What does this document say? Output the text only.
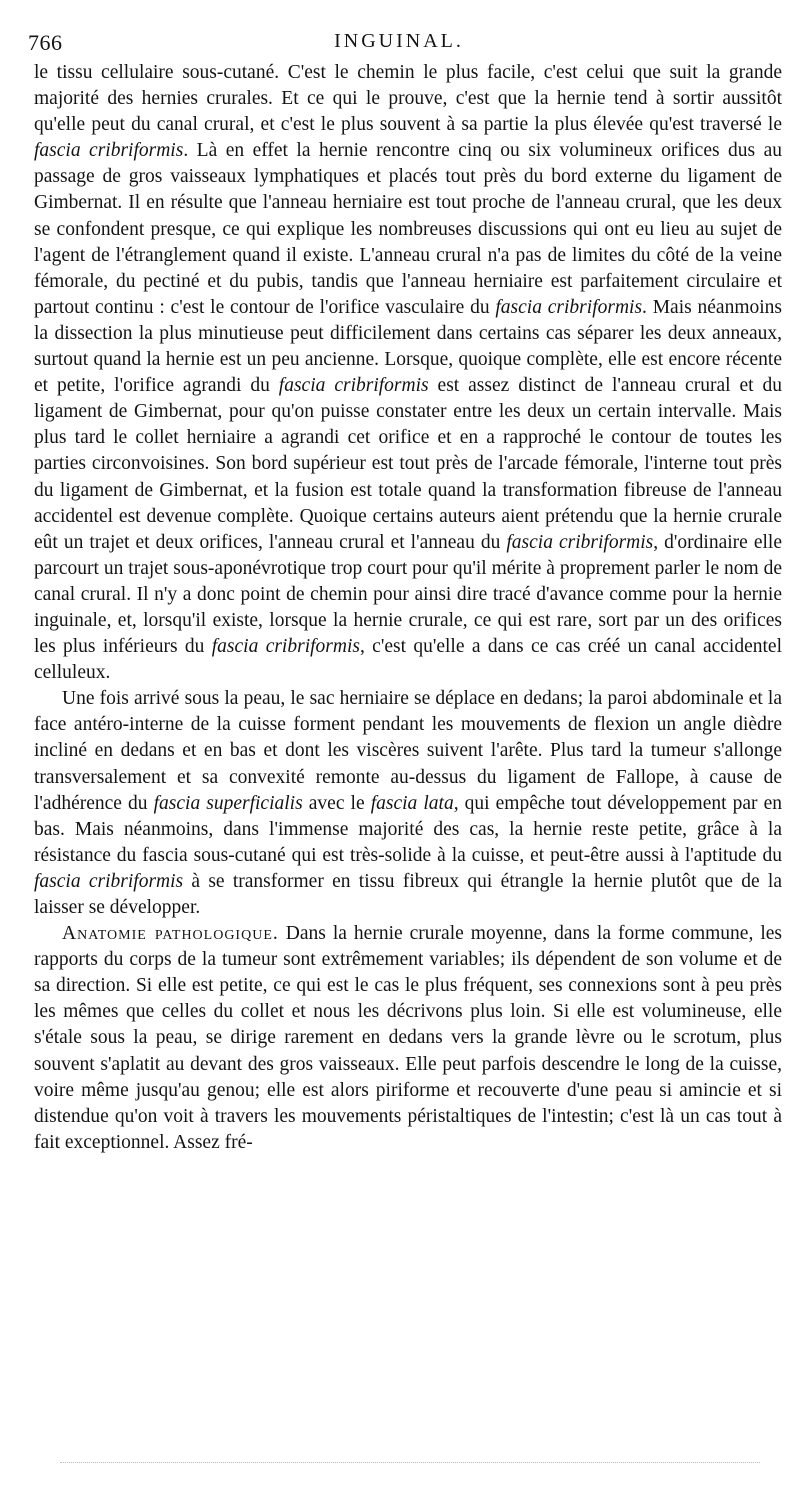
766	INGUINAL.

le tissu cellulaire sous-cutané. C'est le chemin le plus facile, c'est celui que suit la grande majorité des hernies crurales. Et ce qui le prouve, c'est que la hernie tend à sortir aussitôt qu'elle peut du canal crural, et c'est le plus souvent à sa partie la plus élevée qu'est traversé le fascia cribriformis. Là en effet la hernie rencontre cinq ou six volumineux orifices dus au passage de gros vaisseaux lymphatiques et placés tout près du bord externe du ligament de Gimbernat. Il en résulte que l'anneau herniaire est tout proche de l'anneau crural, que les deux se confondent presque, ce qui explique les nombreuses discussions qui ont eu lieu au sujet de l'agent de l'étranglement quand il existe. L'anneau crural n'a pas de limites du côté de la veine fémorale, du pectiné et du pubis, tandis que l'anneau herniaire est parfaitement circulaire et partout continu : c'est le contour de l'orifice vasculaire du fascia cribriformis. Mais néanmoins la dissection la plus minutieuse peut difficilement dans certains cas séparer les deux anneaux, surtout quand la hernie est un peu ancienne. Lorsque, quoique complète, elle est encore récente et petite, l'orifice agrandi du fascia cribriformis est assez distinct de l'anneau crural et du ligament de Gimbernat, pour qu'on puisse constater entre les deux un certain intervalle. Mais plus tard le collet herniaire a agrandi cet orifice et en a rapproché le contour de toutes les parties circonvoisines. Son bord supérieur est tout près de l'arcade fémorale, l'interne tout près du ligament de Gimbernat, et la fusion est totale quand la transformation fibreuse de l'anneau accidentel est devenue complète. Quoique certains auteurs aient prétendu que la hernie crurale eût un trajet et deux orifices, l'anneau crural et l'anneau du fascia cribriformis, d'ordinaire elle parcourt un trajet sous-aponévrotique trop court pour qu'il mérite à proprement parler le nom de canal crural. Il n'y a donc point de chemin pour ainsi dire tracé d'avance comme pour la hernie inguinale, et, lorsqu'il existe, lorsque la hernie crurale, ce qui est rare, sort par un des orifices les plus inférieurs du fascia cribriformis, c'est qu'elle a dans ce cas créé un canal accidentel celluleux.

Une fois arrivé sous la peau, le sac herniaire se déplace en dedans; la paroi abdominale et la face antéro-interne de la cuisse forment pendant les mouvements de flexion un angle dièdre incliné en dedans et en bas et dont les viscères suivent l'arête. Plus tard la tumeur s'allonge transversalement et sa convexité remonte au-dessus du ligament de Fallope, à cause de l'adhérence du fascia superficialis avec le fascia lata, qui empêche tout développement par en bas. Mais néanmoins, dans l'immense majorité des cas, la hernie reste petite, grâce à la résistance du fascia sous-cutané qui est très-solide à la cuisse, et peut-être aussi à l'aptitude du fascia cribriformis à se transformer en tissu fibreux qui étrangle la hernie plutôt que de la laisser se développer.

Anatomie pathologique. Dans la hernie crurale moyenne, dans la forme commune, les rapports du corps de la tumeur sont extrêmement variables; ils dépendent de son volume et de sa direction. Si elle est petite, ce qui est le cas le plus fréquent, ses connexions sont à peu près les mêmes que celles du collet et nous les décrivons plus loin. Si elle est volumineuse, elle s'étale sous la peau, se dirige rarement en dedans vers la grande lèvre ou le scrotum, plus souvent s'aplatit au devant des gros vaisseaux. Elle peut parfois descendre le long de la cuisse, voire même jusqu'au genou; elle est alors piriforme et recouverte d'une peau si amincie et si distendue qu'on voit à travers les mouvements péristaltiques de l'intestin; c'est là un cas tout à fait exceptionnel. Assez fré-
